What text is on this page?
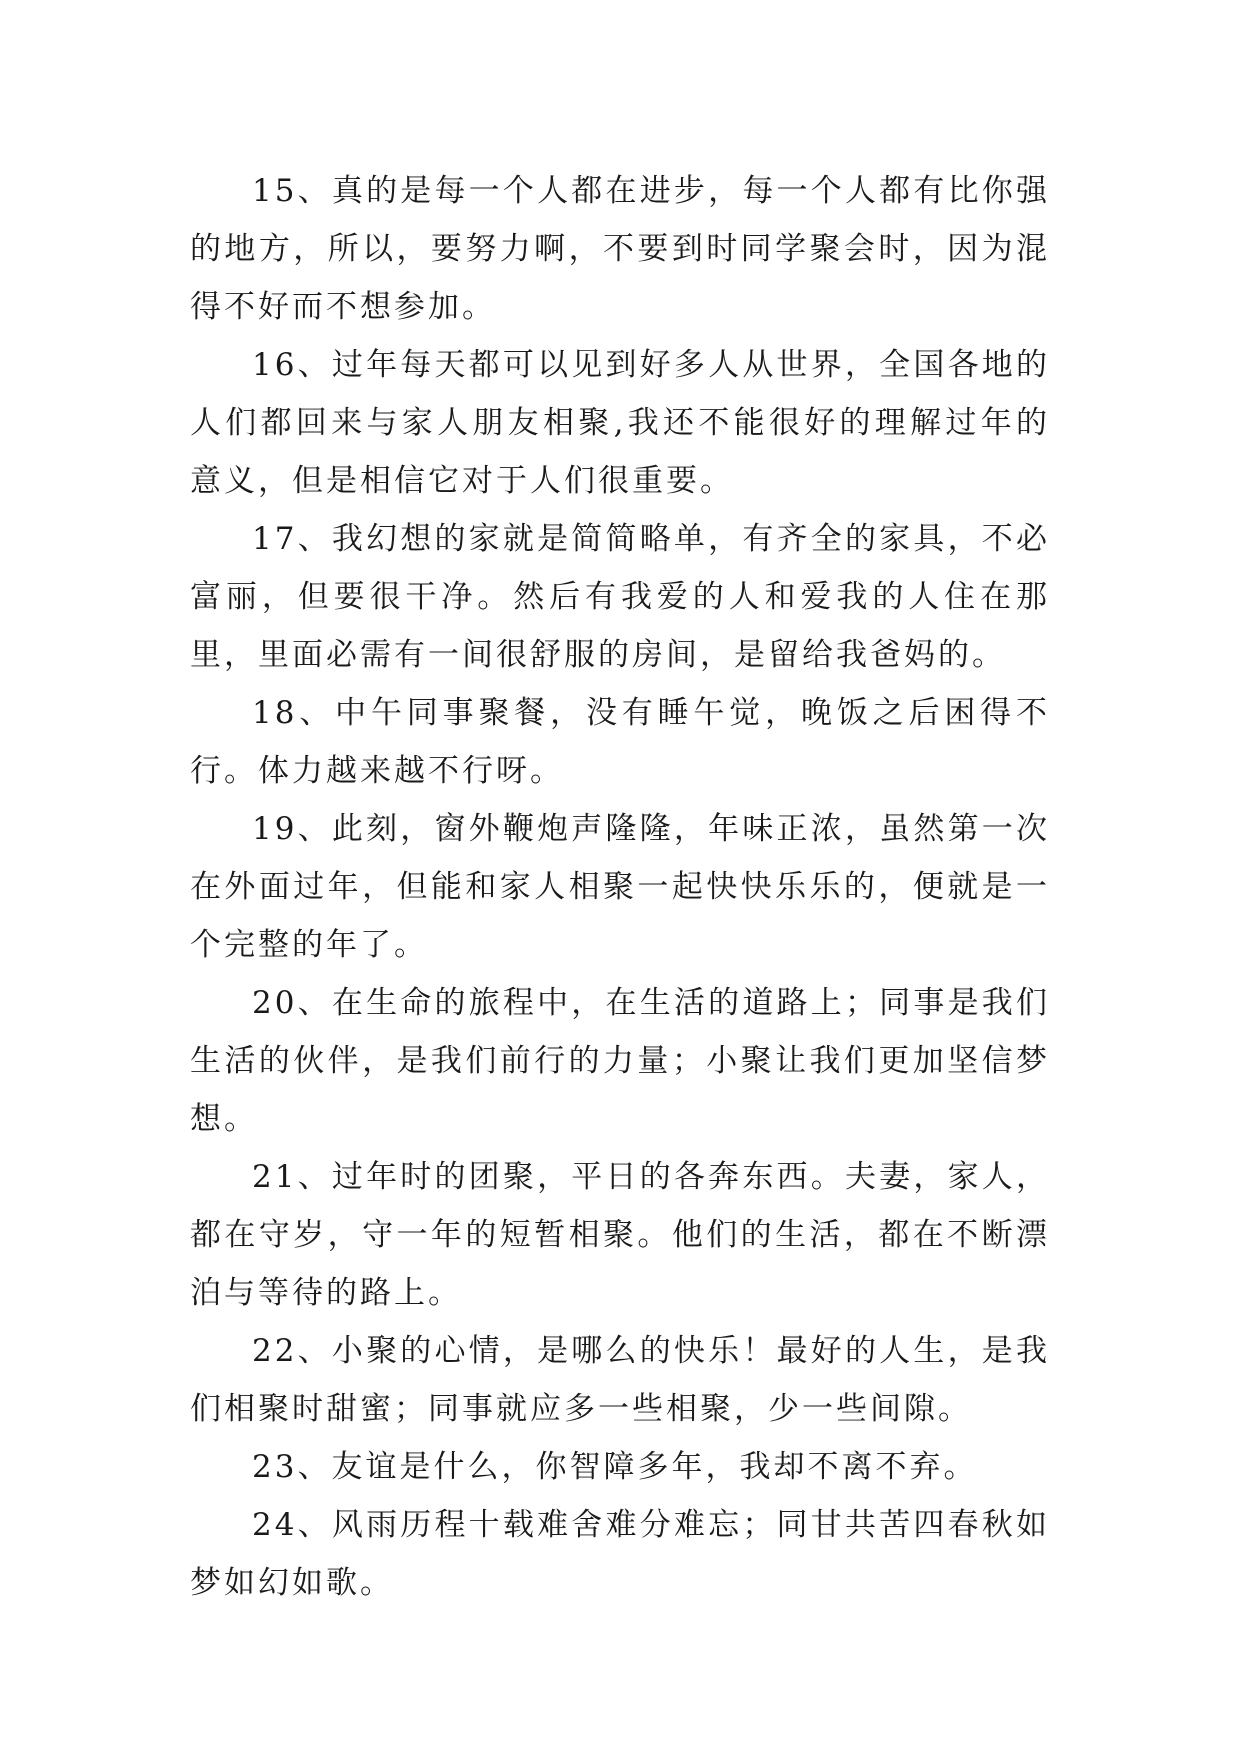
15、真的是每一个人都在进步，每一个人都有比你强的地方，所以，要努力啊，不要到时同学聚会时，因为混得不好而不想参加。

16、过年每天都可以见到好多人从世界，全国各地的人们都回来与家人朋友相聚,我还不能很好的理解过年的意义，但是相信它对于人们很重要。

17、我幻想的家就是简简略单，有齐全的家具，不必富丽，但要很干净。然后有我爱的人和爱我的人住在那里，里面必需有一间很舒服的房间，是留给我爸妈的。

18、中午同事聚餐，没有睡午觉，晚饭之后困得不行。体力越来越不行呀。

19、此刻，窗外鞭炮声隆隆，年味正浓，虽然第一次在外面过年，但能和家人相聚一起快快乐乐的，便就是一个完整的年了。

20、在生命的旅程中，在生活的道路上；同事是我们生活的伙伴，是我们前行的力量；小聚让我们更加坚信梦想。

21、过年时的团聚，平日的各奔东西。夫妻，家人，都在守岁，守一年的短暂相聚。他们的生活，都在不断漂泊与等待的路上。

22、小聚的心情，是哪么的快乐！最好的人生，是我们相聚时甜蜜；同事就应多一些相聚，少一些间隙。

23、友谊是什么，你智障多年，我却不离不弃。

24、风雨历程十载难舍难分难忘；同甘共苦四春秋如梦如幻如歌。
